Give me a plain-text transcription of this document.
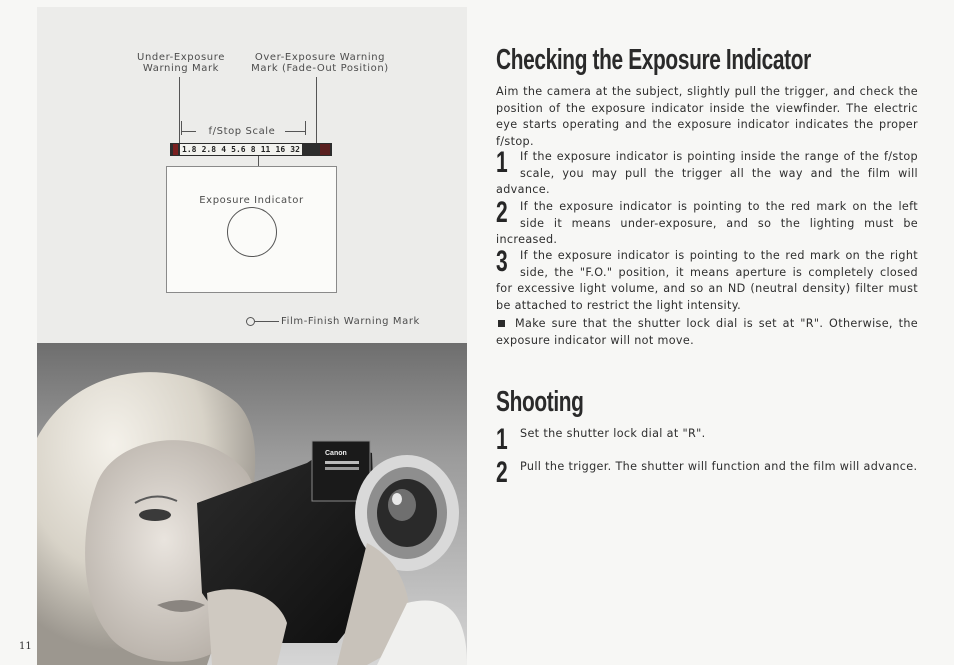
Under-Exposure
Warning Mark
Over-Exposure Warning
Mark (Fade-Out Position)
f/Stop Scale
1.8 2.8 4 5.6 8 11 16 32
Exposure Indicator
Film-Finish Warning Mark
Canon
Checking the Exposure Indicator
Aim the camera at the subject, slightly pull the trigger, and check the position of the exposure indicator inside the viewfinder. The electric eye starts operating and the exposure indicator indicates the proper f/stop.
1	If the exposure indicator is pointing inside the range of the f/stop scale, you may pull the trigger all the way and the film will advance.
2	If the exposure indicator is pointing to the red mark on the left side it means under-exposure, and so the lighting must be increased.
3	If the exposure indicator is pointing to the red mark on the right side, the "F.O." position, it means aperture is completely closed for excessive light volume, and so an ND (neutral density) filter must be attached to restrict the light intensity.
Make sure that the shutter lock dial is set at "R". Otherwise, the exposure indicator will not move.
Shooting
1	Set the shutter lock dial at "R".
2	Pull the trigger. The shutter will function and the film will advance.
11
